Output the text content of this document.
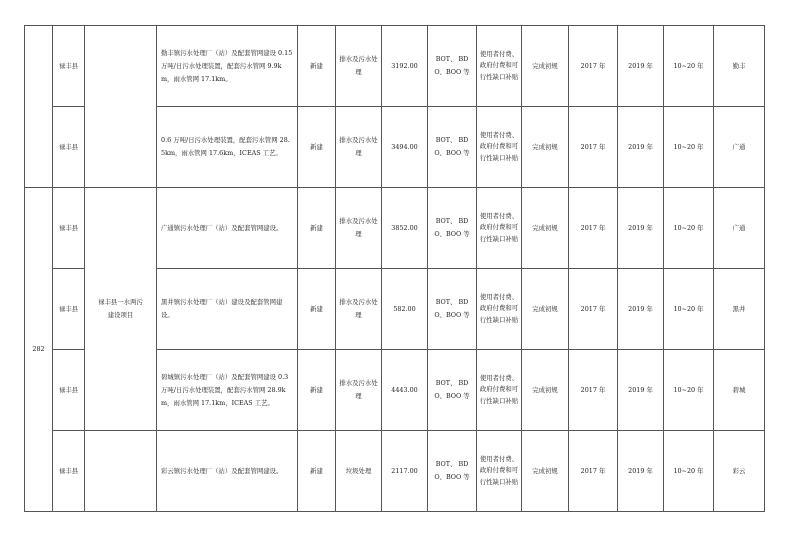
	禄丰县		勤丰镇污水处理厂（站）及配套管网建设 0.15 万吨/日污水处理装置，配套污水管网 9.9km，雨水管网 17.1km。	新建	排水及污水处理	3192.00	BOT、 BDO、BOO 等	使用者付费、政府付费和可行性缺口补贴	完成初规	2017 年	2019 年	10~20 年	勤丰
	禄丰县		0.6 万吨/日污水处理装置，配套污水管网 28.5km，雨水管网 17.6km，ICEAS 工艺。	新建	排水及污水处理	3494.00	BOT、 BDO、BOO 等	使用者付费、政府付费和可行性缺口补贴	完成初规	2017 年	2019 年	10~20 年	广通
282	禄丰县	禄丰县一水两污建设项目	广通镇污水处理厂（站）及配套管网建设。	新建	排水及污水处理	3852.00	BOT、 BDO、BOO 等	使用者付费、政府付费和可行性缺口补贴	完成初规	2017 年	2019 年	10~20 年	广通
	禄丰县		黑井镇污水处理厂（站）建设及配套管网建设。	新建	排水及污水处理	582.00	BOT、 BDO、BOO 等	使用者付费、政府付费和可行性缺口补贴	完成初规	2017 年	2019 年	10~20 年	黑井
	禄丰县		碧城镇污水处理厂（站）及配套管网建设 0.3 万吨/日污水处理装置，配套污水管网 28.9km，雨水管网 17.1km，ICEAS 工艺。	新建	排水及污水处理	4443.00	BOT、 BDO、BOO 等	使用者付费、政府付费和可行性缺口补贴	完成初规	2017 年	2019 年	10~20 年	碧城
	禄丰县		彩云镇污水处理厂（站）及配套管网建设。	新建	垃圾处理	2117.00	BOT、 BDO、BOO 等	使用者付费、政府付费和可行性缺口补贴	完成初规	2017 年	2019 年	10~20 年	彩云
